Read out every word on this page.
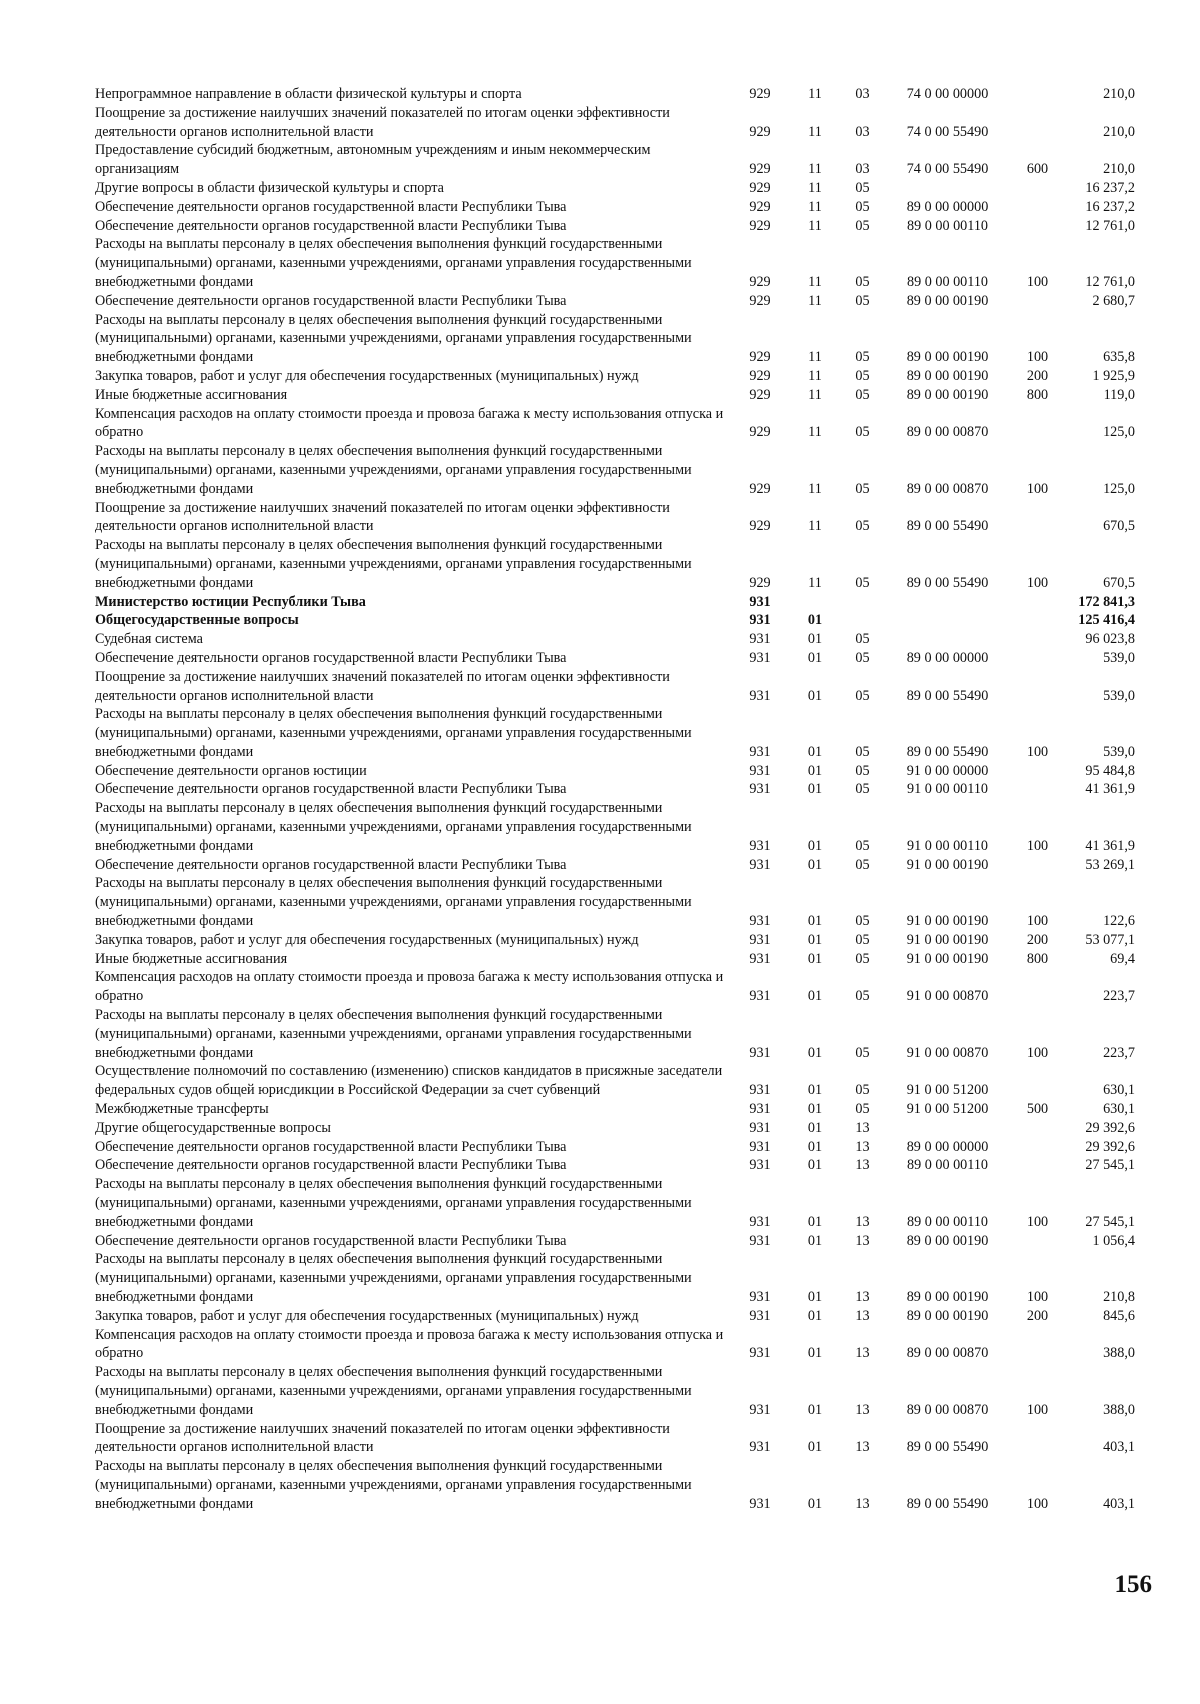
Непрограммное направление в области физической культуры и спорта	929	11	03	74 0 00 00000		210,0
Поощрение за достижение наилучших значений показателей по итогам оценки эффективности деятельности органов исполнительной власти	929	11	03	74 0 00 55490		210,0
Предоставление субсидий бюджетным, автономным учреждениям и иным некоммерческим организациям	929	11	03	74 0 00 55490	600	210,0
Другие вопросы в области физической культуры и спорта	929	11	05			16 237,2
Обеспечение деятельности органов государственной власти Республики Тыва	929	11	05	89 0 00 00000		16 237,2
Обеспечение деятельности органов государственной власти Республики Тыва	929	11	05	89 0 00 00110		12 761,0
Расходы на выплаты персоналу в целях обеспечения выполнения функций государственными (муниципальными) органами, казенными учреждениями, органами управления государственными внебюджетными фондами	929	11	05	89 0 00 00110	100	12 761,0
Обеспечение деятельности органов государственной власти Республики Тыва	929	11	05	89 0 00 00190		2 680,7
Расходы на выплаты персоналу в целях обеспечения выполнения функций государственными (муниципальными) органами, казенными учреждениями, органами управления государственными внебюджетными фондами	929	11	05	89 0 00 00190	100	635,8
Закупка товаров, работ и услуг для обеспечения государственных (муниципальных) нужд	929	11	05	89 0 00 00190	200	1 925,9
Иные бюджетные ассигнования	929	11	05	89 0 00 00190	800	119,0
Компенсация расходов на оплату стоимости проезда и провоза багажа к месту использования отпуска и обратно	929	11	05	89 0 00 00870		125,0
Расходы на выплаты персоналу в целях обеспечения выполнения функций государственными (муниципальными) органами, казенными учреждениями, органами управления государственными внебюджетными фондами	929	11	05	89 0 00 00870	100	125,0
Поощрение за достижение наилучших значений показателей по итогам оценки эффективности деятельности органов исполнительной власти	929	11	05	89 0 00 55490		670,5
Расходы на выплаты персоналу в целях обеспечения выполнения функций государственными (муниципальными) органами, казенными учреждениями, органами управления государственными внебюджетными фондами	929	11	05	89 0 00 55490	100	670,5
Министерство юстиции Республики Тыва	931					172 841,3
Общегосударственные вопросы	931	01				125 416,4
Судебная система	931	01	05			96 023,8
Обеспечение деятельности органов государственной власти Республики Тыва	931	01	05	89 0 00 00000		539,0
Поощрение за достижение наилучших значений показателей по итогам оценки эффективности деятельности органов исполнительной власти	931	01	05	89 0 00 55490		539,0
Расходы на выплаты персоналу в целях обеспечения выполнения функций государственными (муниципальными) органами, казенными учреждениями, органами управления государственными внебюджетными фондами	931	01	05	89 0 00 55490	100	539,0
Обеспечение деятельности органов юстиции	931	01	05	91 0 00 00000		95 484,8
Обеспечение деятельности органов государственной власти Республики Тыва	931	01	05	91 0 00 00110		41 361,9
Расходы на выплаты персоналу в целях обеспечения выполнения функций государственными (муниципальными) органами, казенными учреждениями, органами управления государственными внебюджетными фондами	931	01	05	91 0 00 00110	100	41 361,9
Обеспечение деятельности органов государственной власти Республики Тыва	931	01	05	91 0 00 00190		53 269,1
Расходы на выплаты персоналу в целях обеспечения выполнения функций государственными (муниципальными) органами, казенными учреждениями, органами управления государственными внебюджетными фондами	931	01	05	91 0 00 00190	100	122,6
Закупка товаров, работ и услуг для обеспечения государственных (муниципальных) нужд	931	01	05	91 0 00 00190	200	53 077,1
Иные бюджетные ассигнования	931	01	05	91 0 00 00190	800	69,4
Компенсация расходов на оплату стоимости проезда и провоза багажа к месту использования отпуска и обратно	931	01	05	91 0 00 00870		223,7
Расходы на выплаты персоналу в целях обеспечения выполнения функций государственными (муниципальными) органами, казенными учреждениями, органами управления государственными внебюджетными фондами	931	01	05	91 0 00 00870	100	223,7
Осуществление полномочий по составлению (изменению) списков кандидатов в присяжные заседатели федеральных судов общей юрисдикции в Российской Федерации за счет субвенций	931	01	05	91 0 00 51200		630,1
Межбюджетные трансферты	931	01	05	91 0 00 51200	500	630,1
Другие общегосударственные вопросы	931	01	13			29 392,6
Обеспечение деятельности органов государственной власти Республики Тыва	931	01	13	89 0 00 00000		29 392,6
Обеспечение деятельности органов государственной власти Республики Тыва	931	01	13	89 0 00 00110		27 545,1
Расходы на выплаты персоналу в целях обеспечения выполнения функций государственными (муниципальными) органами, казенными учреждениями, органами управления государственными внебюджетными фондами	931	01	13	89 0 00 00110	100	27 545,1
Обеспечение деятельности органов государственной власти Республики Тыва	931	01	13	89 0 00 00190		1 056,4
Расходы на выплаты персоналу в целях обеспечения выполнения функций государственными (муниципальными) органами, казенными учреждениями, органами управления государственными внебюджетными фондами	931	01	13	89 0 00 00190	100	210,8
Закупка товаров, работ и услуг для обеспечения государственных (муниципальных) нужд	931	01	13	89 0 00 00190	200	845,6
Компенсация расходов на оплату стоимости проезда и провоза багажа к месту использования отпуска и обратно	931	01	13	89 0 00 00870		388,0
Расходы на выплаты персоналу в целях обеспечения выполнения функций государственными (муниципальными) органами, казенными учреждениями, органами управления государственными внебюджетными фондами	931	01	13	89 0 00 00870	100	388,0
Поощрение за достижение наилучших значений показателей по итогам оценки эффективности деятельности органов исполнительной власти	931	01	13	89 0 00 55490		403,1
Расходы на выплаты персоналу в целях обеспечения выполнения функций государственными (муниципальными) органами, казенными учреждениями, органами управления государственными внебюджетными фондами	931	01	13	89 0 00 55490	100	403,1
156
